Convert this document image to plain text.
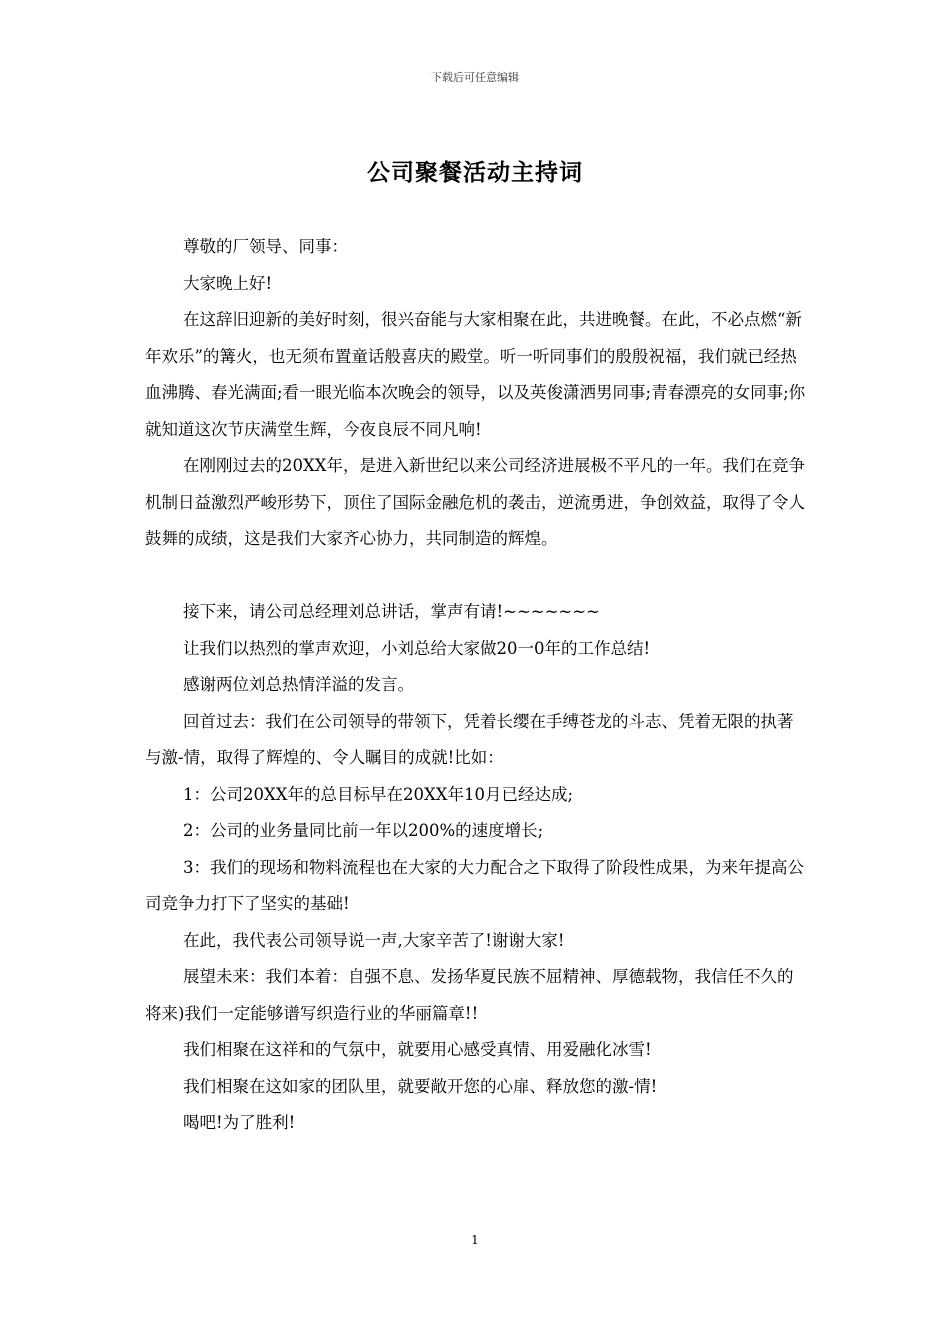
下载后可任意编辑
公司聚餐活动主持词

尊敬的厂领导、同事：

大家晚上好!

在这辞旧迎新的美好时刻，很兴奋能与大家相聚在此，共进晚餐。在此，不必点燃“新年欢乐”的篝火，也无须布置童话般喜庆的殿堂。听一听同事们的殷殷祝福，我们就已经热血沸腾、春光满面;看一眼光临本次晚会的领导，以及英俊潇洒男同事;青春漂亮的女同事;你就知道这次节庆满堂生辉，今夜良辰不同凡响!

在刚刚过去的20XX年，是进入新世纪以来公司经济进展极不平凡的一年。我们在竞争机制日益激烈严峻形势下，顶住了国际金融危机的袭击，逆流勇进，争创效益，取得了令人鼓舞的成绩，这是我们大家齐心协力，共同制造的辉煌。

接下来，请公司总经理刘总讲话，掌声有请!~~~~~~~

让我们以热烈的掌声欢迎，小刘总给大家做20一0年的工作总结!

感谢两位刘总热情洋溢的发言。

回首过去：我们在公司领导的带领下，凭着长缨在手缚苍龙的斗志、凭着无限的执著与激-情，取得了辉煌的、令人瞩目的成就!比如：

1：公司20XX年的总目标早在20XX年10月已经达成;

2：公司的业务量同比前一年以200%的速度增长;

3：我们的现场和物料流程也在大家的大力配合之下取得了阶段性成果，为来年提高公司竞争力打下了坚实的基础!

在此，我代表公司领导说一声,大家辛苦了!谢谢大家!

展望未来：我们本着：自强不息、发扬华夏民族不屈精神、厚德载物，我信任不久的将来)我们一定能够谱写织造行业的华丽篇章!!

我们相聚在这祥和的气氛中，就要用心感受真情、用爱融化冰雪!

我们相聚在这如家的团队里，就要敞开您的心扉、释放您的激-情!

喝吧!为了胜利!

1
